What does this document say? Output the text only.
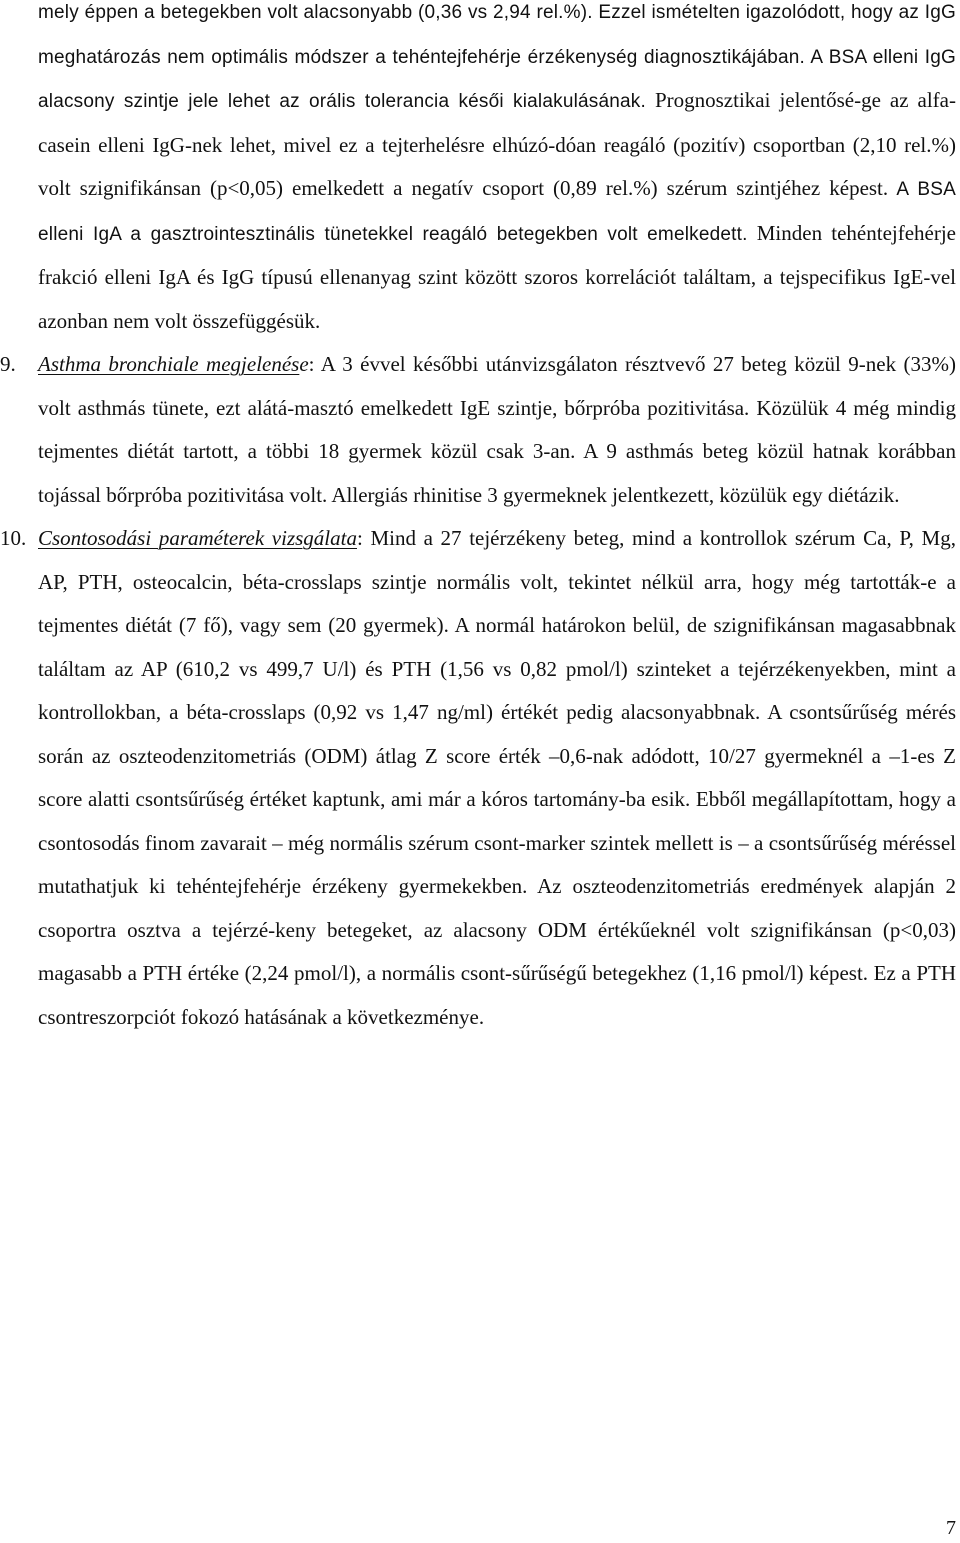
mely éppen a betegekben volt alacsonyabb (0,36 vs 2,94 rel.%). Ezzel ismételten igazolódott, hogy az IgG meghatározás nem optimális módszer a tehéntejfehérje érzékenység diagnosztikájában. A BSA elleni IgG alacsony szintje jele lehet az orális tolerancia késői kialakulásának. Prognosztikai jelentősé-ge az alfa-casein elleni IgG-nek lehet, mivel ez a tejterhelésre elhúzó-dóan reagáló (pozitív) csoportban (2,10 rel.%) volt szignifikánsan (p<0,05) emelkedett a negatív csoport (0,89 rel.%) szérum szintjéhez képest. A BSA elleni IgA a gasztrointesztinális tünetekkel reagáló betegekben volt emelkedett. Minden tehéntejfehérje frakció elleni IgA és IgG típusú ellenanyag szint között szoros korrelációt találtam, a tejspecifikus IgE-vel azonban nem volt összefüggésük.

9.	Asthma bronchiale megjelenése: A 3 évvel későbbi utánvizsgálaton résztvevő 27 beteg közül 9-nek (33%) volt asthmás tünete, ezt alátá-masztó emelkedett IgE szintje, bőrpróba pozitivitása. Közülük 4 még mindig tejmentes diétát tartott, a többi 18 gyermek közül csak 3-an. A 9 asthmás beteg közül hatnak korábban tojással bőrpróba pozitivitása volt. Allergiás rhinitise 3 gyermeknek jelentkezett, közülük egy diétázik.

10. Csontosodási paraméterek vizsgálata: Mind a 27 tejérzékeny beteg, mind a kontrollok szérum Ca, P, Mg, AP, PTH, osteocalcin, béta-crosslaps szintje normális volt, tekintet nélkül arra, hogy még tartották-e a tejmentes diétát (7 fő), vagy sem (20 gyermek). A normál határokon belül, de szignifikánsan magasabbnak találtam az AP (610,2 vs 499,7 U/l) és PTH (1,56 vs 0,82 pmol/l) szinteket a tejérzékenyekben, mint a kontrollokban, a béta-crosslaps (0,92 vs 1,47 ng/ml) értékét pedig alacsonyabbnak. A csontsűrűség mérés során az oszteodenzitometriás (ODM) átlag Z score érték –0,6-nak adódott, 10/27 gyermeknél a –1-es Z score alatti csontsűrűség értéket kaptunk, ami már a kóros tartomány-ba esik. Ebből megállapítottam, hogy a csontosodás finom zavarait – még normális szérum csont-marker szintek mellett is – a csontsűrűség méréssel mutathatjuk ki tehéntejfehérje érzékeny gyermekekben. Az oszteodenzitometriás eredmények alapján 2 csoportra osztva a tejérzé-keny betegeket, az alacsony ODM értékűeknél volt szignifikánsan (p<0,03) magasabb a PTH értéke (2,24 pmol/l), a normális csont-sűrűségű betegekhez (1,16 pmol/l) képest. Ez a PTH csontreszorpciót fokozó hatásának a következménye.

7
